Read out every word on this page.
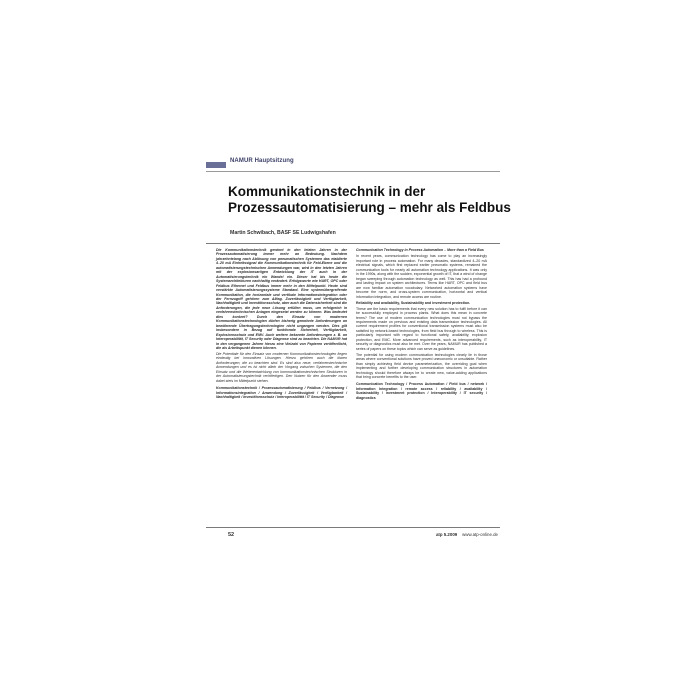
NAMUR Hauptsitzung
Kommunikationstechnik in der
Prozessautomatisierung – mehr als Feldbus
Martin Schwibach, BASF SE Ludwigshafen

Die Kommunikationstechnik gewinnt in den letzten Jahren in der Prozessautomatisierung immer mehr an Bedeutung. Nachdem jahrzehntelang nach Ablösung von pneumatischen Systemen das etablierte 4–20 mA Einheitssignal die Kommunikationstechnik für Feld-Ebene und die automatisierungstechnischen Anwendungen war, wird in den letzten Jahren mit der explosionsartigen Entwicklung der IT auch in der Automatisierungstechnik ein Wandel ein. Dieser hat bis heute die Systemarchitekturen nachhaltig verändert. Erfolgsworte wie HART, OPC oder Feldbus Ethernet und Feldbus immer mehr in den Mittelpunkt. Heute sind verstärkte Automatisierungssysteme Standard. Eine systemübergreifende Kommunikation, die horizontale und vertikale Informationsintegration oder der Fernzugriff gehören zum Alltag. Zuverlässigkeit und Verfügbarkeit, Nachhaltigkeit und Investitionsschutz, aber auch die Datensicherheit sind die Anforderungen, die jede neue Lösung erfüllen muss, um erfolgreich in verfahrenstechnischen Anlagen eingesetzt werden zu können. Was bedeutet dies konkret? Durch den Einsatz von modernen Kommunikationstechnologien dürfen bisherig gewohnte Anforderungen an bewährende Übertragungstechnologien nicht ungangen werden. Dies gilt insbesondere in Bezug auf funktionale Sicherheit, Verfügbarkeit, Explosionsschutz und EMV. Auch weitere bekannte Anforderungen z. B. an Interoperabilität, IT Security oder Diagnose sind zu beachten. Die NAMUR hat in den vergangenen Jahren hierzu eine Vielzahl von Papieren veröffentlicht, die als Arbeitspunkt dienen können.

Die Potentiale für den Einsatz von modernen Kommunikationstechnologien liegen eindeutig bei innovativen Lösungen. Hierzu gehören auch die klaren Anforderungen, die zu beachten sind. Es sind also neue, verfahrenstechnische Anwendungen und es ist nicht allein der Vorgang zwischen Systemen, die den Einsatz und die Weiterentwicklung von kommunikationstechnischen Strukturen in der Automatisierungstechnik rechtfertigen. Den Nutzen für den Anwender muss dabei stets im Mittelpunkt stehen.

Kommunikationstechnik / Prozessautomatisierung / Feldbus / Vernetzung / Informationsintegration / Anwendung / Zuverlässigkeit / Verfügbarkeit / Nachhaltigkeit / Investitionsschutz / Interoperabilität / IT Security / Diagnose

Communication Technology in Process Automation – More than a Field Bus

In recent years, communication technology has come to play an increasingly important role in process automation. For many decades, standardized 4–20 mA electrical signals, which first replaced earlier pneumatic systems, remained the communication tools for nearly all automation technology applications. It was only in the 1990s, along with the sudden, exponential growth of IT, that a wind of change began sweeping through automation technology as well. This has had a profound and lasting impact on system architectures. Terms like HART, OPC and field bus are now familiar automation vocabulary. Networked automation systems have become the norm, and cross-system communication, horizontal and vertical information integration, and remote access are routine.

Reliability and availability, Sustainability and investment protection.

These are the basic requirements that every new solution has to fulfil before it can be successfully employed in process plants. What does this mean in concrete terms? The use of modern communication technologies must not bypass the requirements made on previous and existing data transmission technologies. All current requirement profiles for conventional transmission systems must also be satisfied by network-based technologies, from field bus through to wireless. This is particularly important with regard to functional safety, availability, explosion protection, and EMC. More advanced requirements, such as interoperability, IT security or diagnostics must also be met. Over the years, NAMUR has published a series of papers on these topics which can serve as guidelines.

The potential for using modern communication technologies clearly lie in those areas where conventional solutions have proved uneconomic or unsuitable. Rather than simply achieving field device parameterization, the overriding goal when implementing and further developing communication structures in automation technology should therefore always be to create new, value-adding applications that bring concrete benefits to the user.

Communication Technology / Process Automation / Field bus / network / Information Integration / remote access / reliability / availability / Sustainability / investment protection / Interoperability / IT security / diagnostics

52	atp 5.2009 www.atp-online.de
